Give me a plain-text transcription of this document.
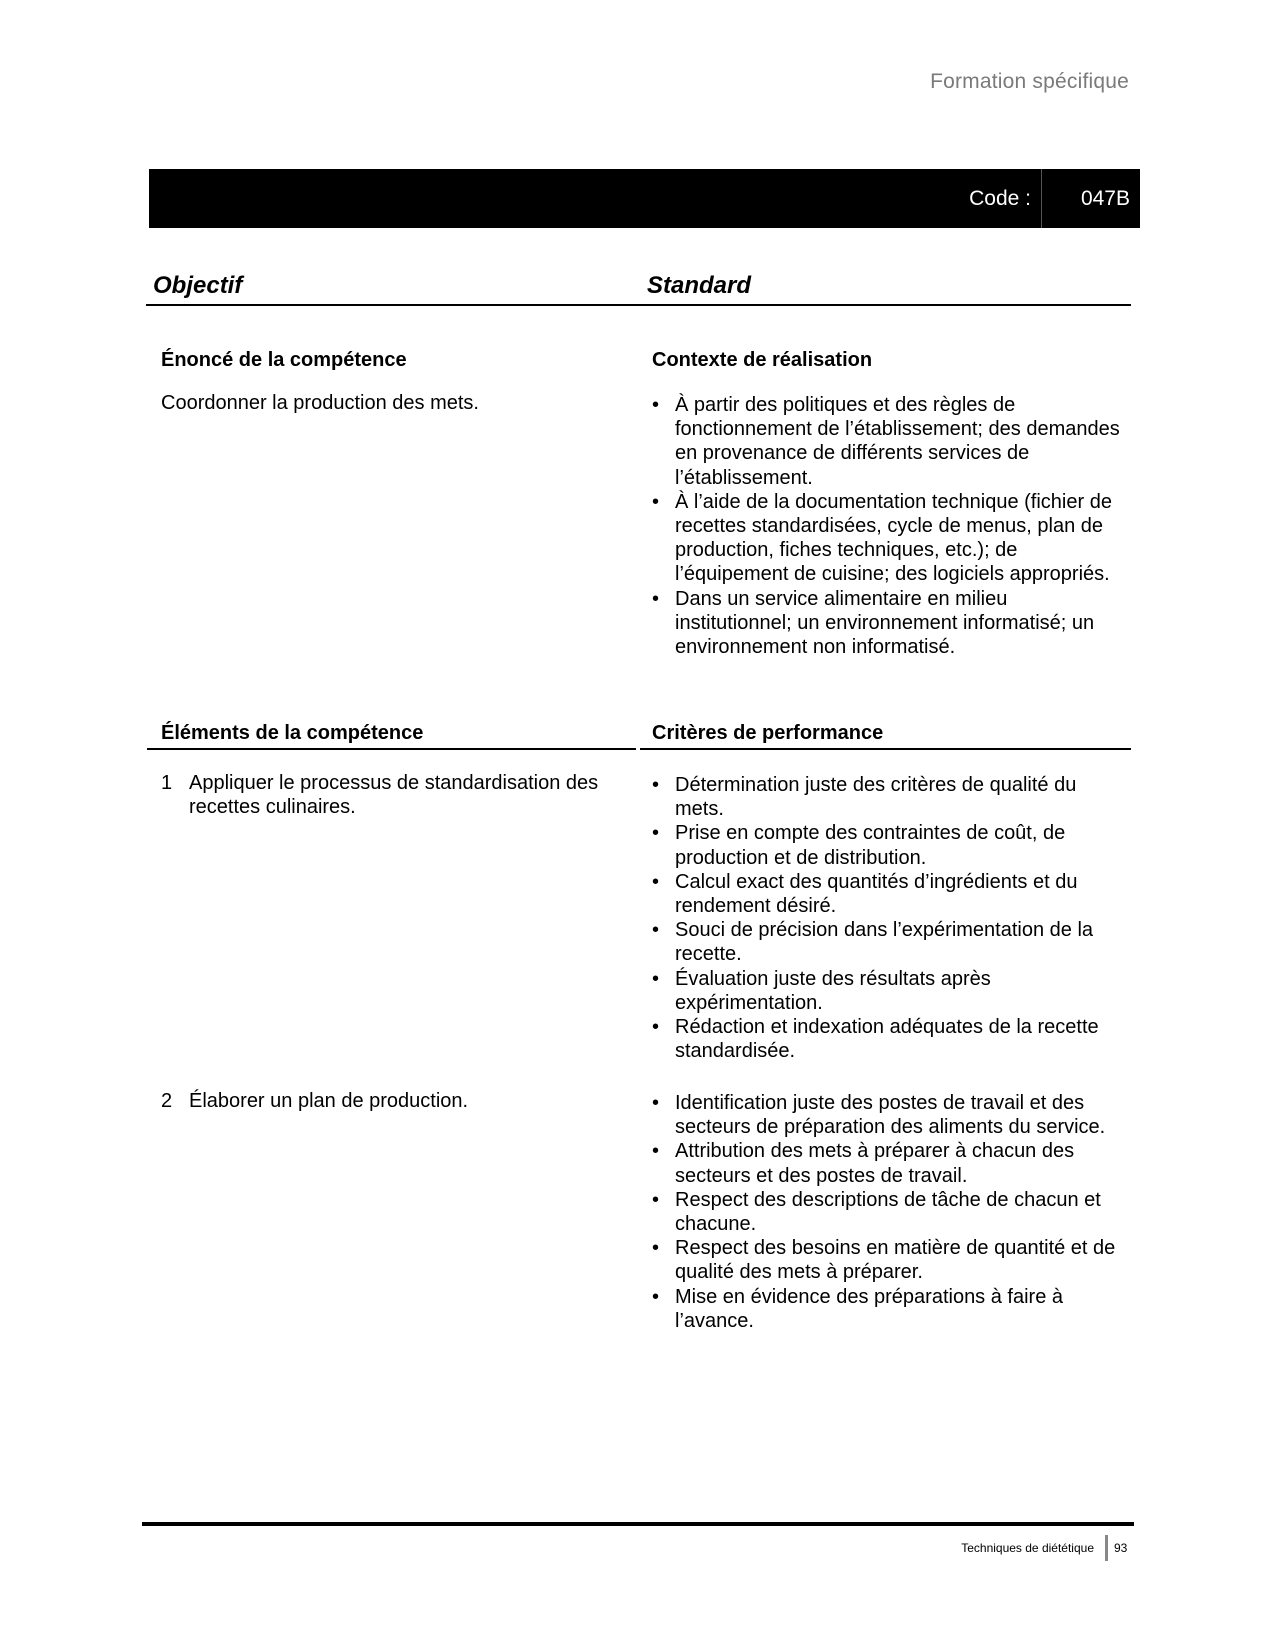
Formation spécifique
Code :	047B
Objectif	Standard
Énoncé de la compétence
Coordonner la production des mets.
Contexte de réalisation
• À partir des politiques et des règles de fonctionnement de l’établissement; des demandes en provenance de différents services de l’établissement.
• À l’aide de la documentation technique (fichier de recettes standardisées, cycle de menus, plan de production, fiches techniques, etc.); de l’équipement de cuisine; des logiciels appropriés.
• Dans un service alimentaire en milieu institutionnel; un environnement informatisé; un environnement non informatisé.
Éléments de la compétence	Critères de performance
1 Appliquer le processus de standardisation des recettes culinaires.
• Détermination juste des critères de qualité du mets.
• Prise en compte des contraintes de coût, de production et de distribution.
• Calcul exact des quantités d’ingrédients et du rendement désiré.
• Souci de précision dans l’expérimentation de la recette.
• Évaluation juste des résultats après expérimentation.
• Rédaction et indexation adéquates de la recette standardisée.
2 Élaborer un plan de production.
•	Identification juste des postes de travail et des secteurs de préparation des aliments du service.
• Attribution des mets à préparer à chacun des secteurs et des postes de travail.
• Respect des descriptions de tâche de chacun et chacune.
• Respect des besoins en matière de quantité et de qualité des mets à préparer.
• Mise en évidence des préparations à faire à l’avance.
Techniques de diététique 93
